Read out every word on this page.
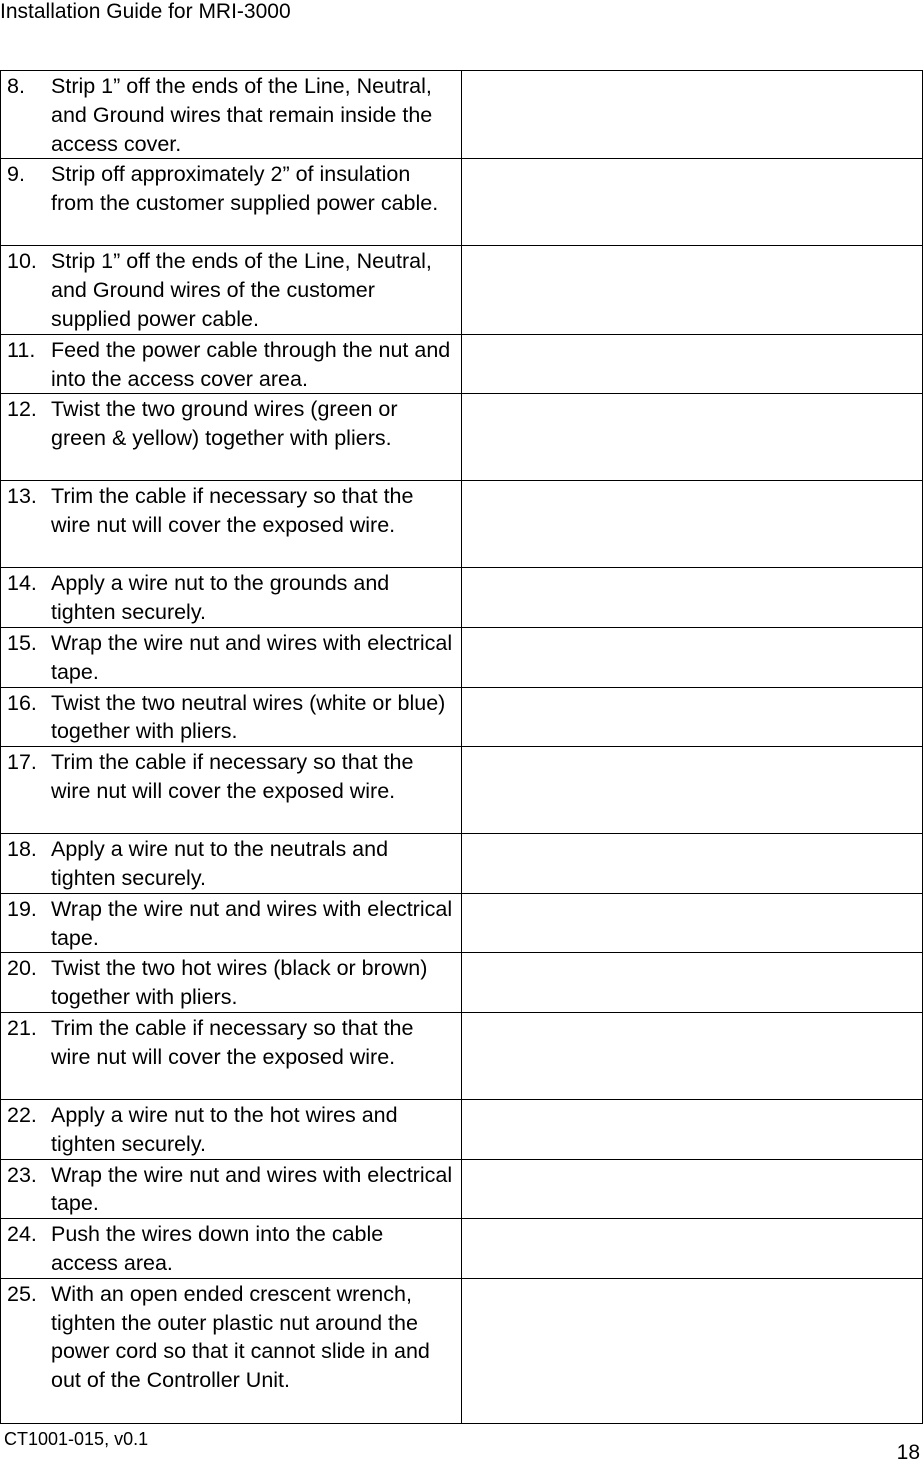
Installation Guide for MRI-3000
8. Strip 1” off the ends of the Line, Neutral, and Ground wires that remain inside the access cover.	

9. Strip off approximately 2” of insulation from the customer supplied power cable.	

10. Strip 1” off the ends of the Line, Neutral, and Ground wires of the customer supplied power cable.	

11. Feed the power cable through the nut and into the access cover area.	

12. Twist the two ground wires (green or green & yellow) together with pliers.	

13. Trim the cable if necessary so that the wire nut will cover the exposed wire.	

14. Apply a wire nut to the grounds and tighten securely.	

15. Wrap the wire nut and wires with electrical tape.	

16. Twist the two neutral wires (white or blue) together with pliers.	

17. Trim the cable if necessary so that the wire nut will cover the exposed wire.	

18. Apply a wire nut to the neutrals and tighten securely.	

19. Wrap the wire nut and wires with electrical tape.	

20. Twist the two hot wires (black or brown) together with pliers.	

21. Trim the cable if necessary so that the wire nut will cover the exposed wire.	

22. Apply a wire nut to the hot wires and tighten securely.	

23. Wrap the wire nut and wires with electrical tape.	

24. Push the wires down into the cable access area.	

25. With an open ended crescent wrench, tighten the outer plastic nut around the power cord so that it cannot slide in and out of the Controller Unit.	

CT1001-015, v0.1
18
